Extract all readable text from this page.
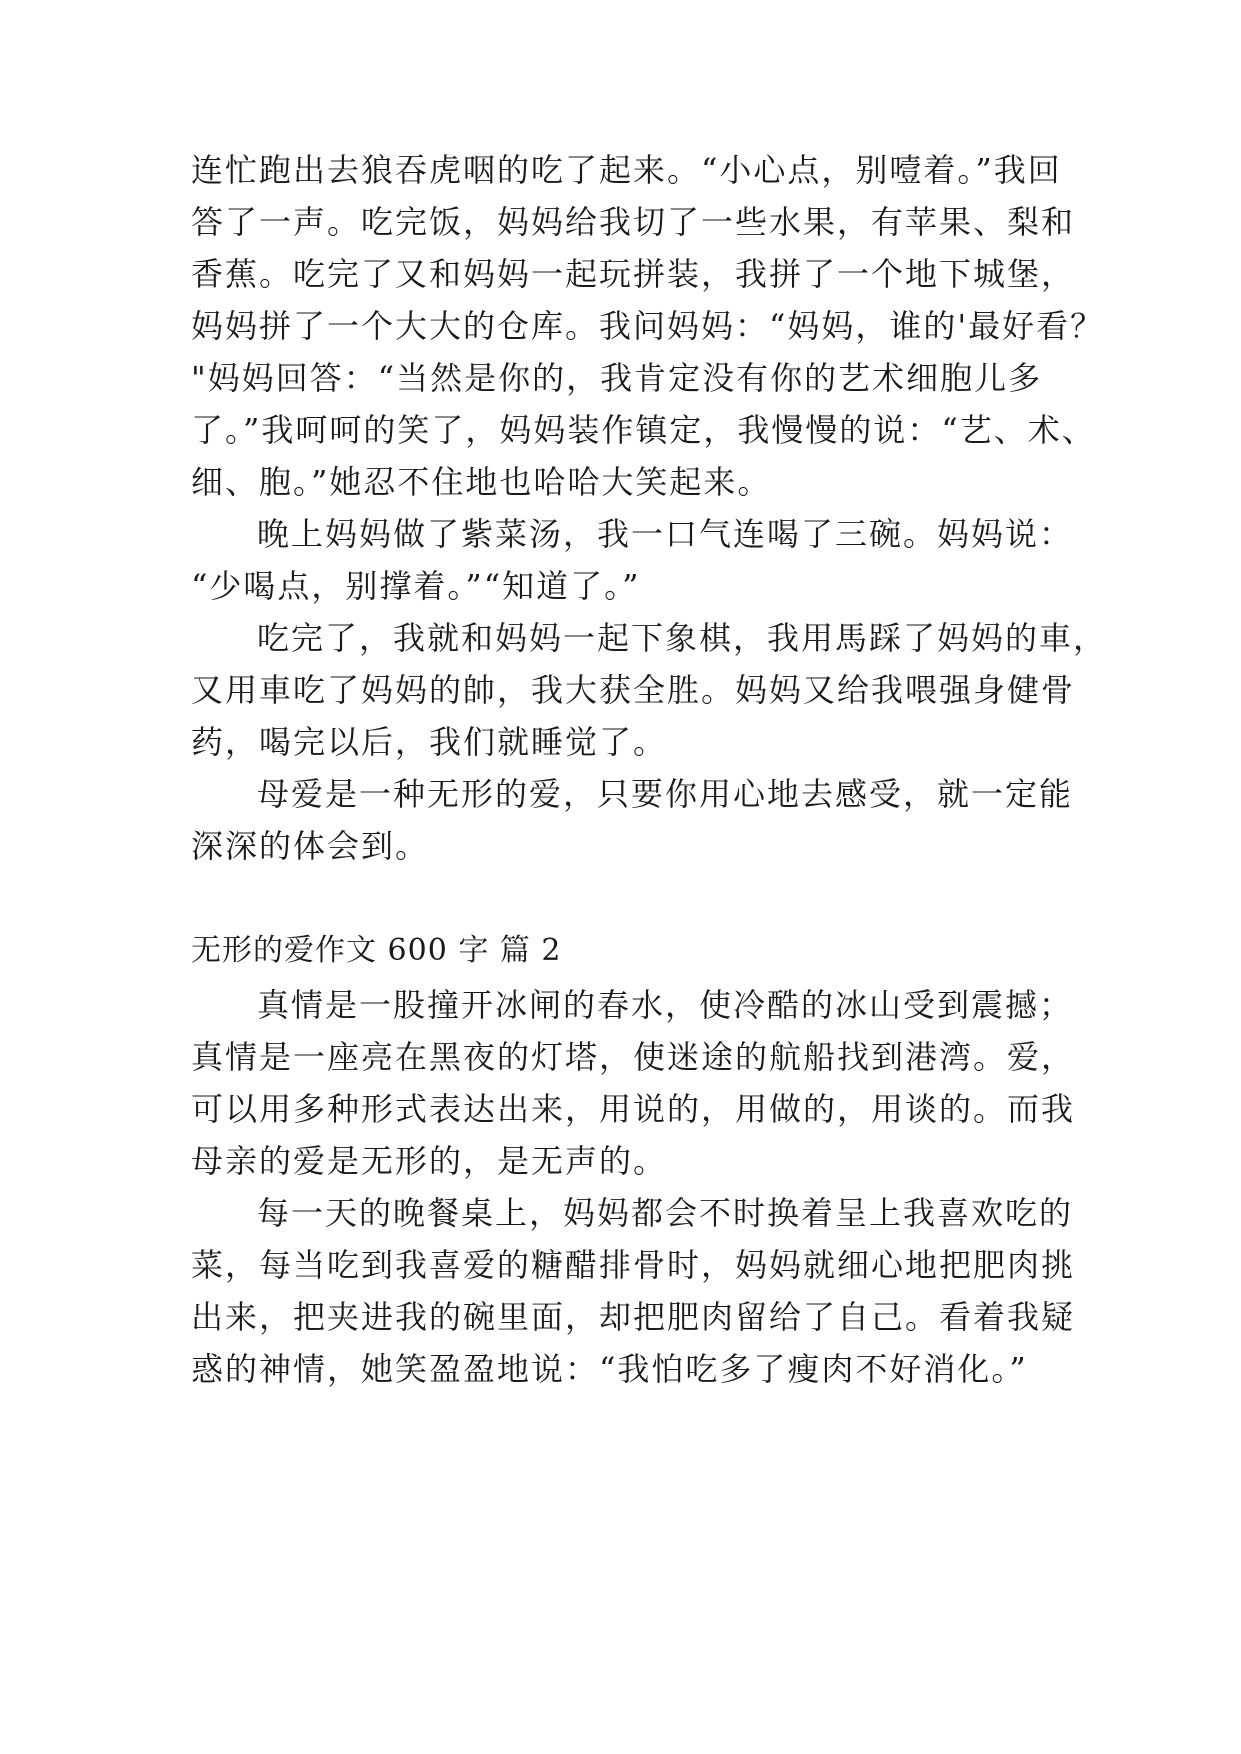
连忙跑出去狼吞虎咽的吃了起来。“小心点，别噎着。”我回
答了一声。吃完饭，妈妈给我切了一些水果，有苹果、梨和
香蕉。吃完了又和妈妈一起玩拼装，我拼了一个地下城堡，
妈妈拼了一个大大的仓库。我问妈妈：“妈妈，谁的'最好看？
"妈妈回答：“当然是你的，我肯定没有你的艺术细胞儿多
了。”我呵呵的笑了，妈妈装作镇定，我慢慢的说：“艺、术、
细、胞。”她忍不住地也哈哈大笑起来。
晚上妈妈做了紫菜汤，我一口气连喝了三碗。妈妈说：
“少喝点，别撑着。”“知道了。”
吃完了，我就和妈妈一起下象棋，我用馬踩了妈妈的車，
又用車吃了妈妈的帥，我大获全胜。妈妈又给我喂强身健骨
药，喝完以后，我们就睡觉了。
母爱是一种无形的爱，只要你用心地去感受，就一定能
深深的体会到。
无形的爱作文 600 字 篇 2
真情是一股撞开冰闸的春水，使冷酷的冰山受到震撼；
真情是一座亮在黑夜的灯塔，使迷途的航船找到港湾。爱，
可以用多种形式表达出来，用说的，用做的，用谈的。而我
母亲的爱是无形的，是无声的。
每一天的晚餐桌上，妈妈都会不时换着呈上我喜欢吃的
菜，每当吃到我喜爱的糖醋排骨时，妈妈就细心地把肥肉挑
出来，把夹进我的碗里面，却把肥肉留给了自己。看着我疑
惑的神情，她笑盈盈地说：“我怕吃多了瘦肉不好消化。”
